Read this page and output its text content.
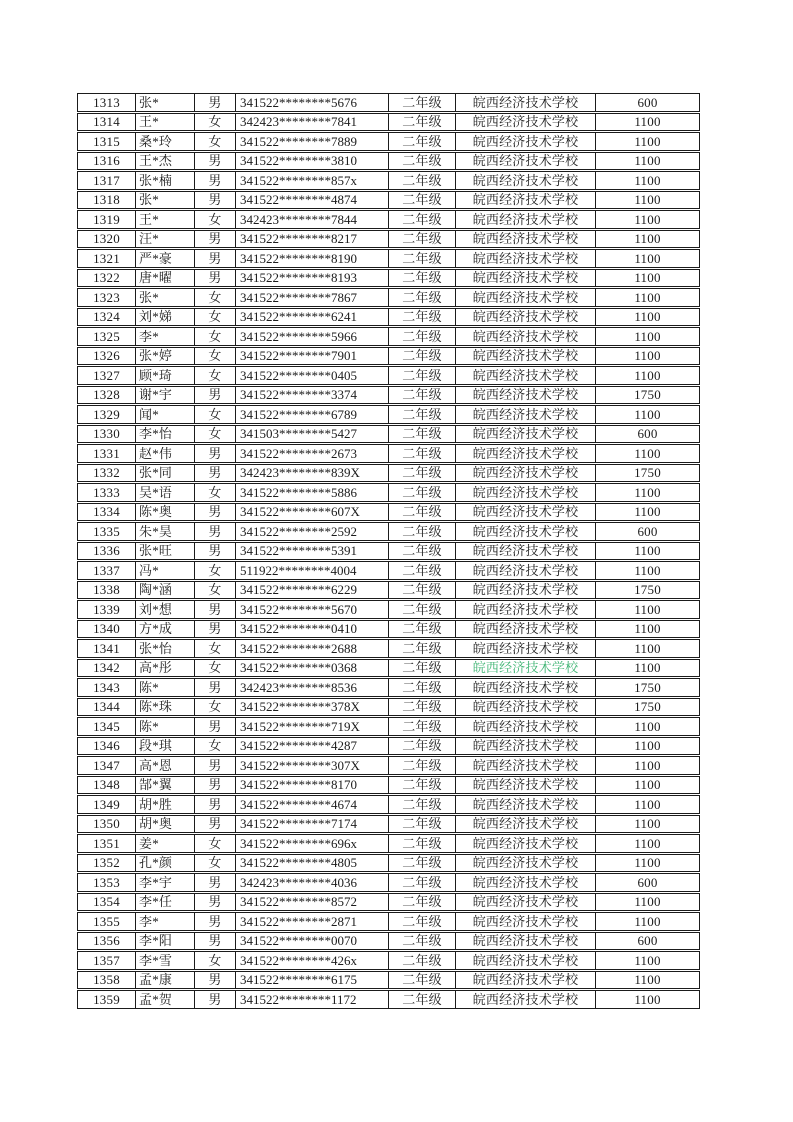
1313	张*	男	341522********5676	二年级	皖西经济技术学校	600
1314	王*	女	342423********7841	二年级	皖西经济技术学校	1100
1315	桑*玲	女	341522********7889	二年级	皖西经济技术学校	1100
1316	王*杰	男	341522********3810	二年级	皖西经济技术学校	1100
1317	张*楠	男	341522********857x	二年级	皖西经济技术学校	1100
1318	张*	男	341522********4874	二年级	皖西经济技术学校	1100
1319	王*	女	342423********7844	二年级	皖西经济技术学校	1100
1320	汪*	男	341522********8217	二年级	皖西经济技术学校	1100
1321	严*豪	男	341522********8190	二年级	皖西经济技术学校	1100
1322	唐*曜	男	341522********8193	二年级	皖西经济技术学校	1100
1323	张*	女	341522********7867	二年级	皖西经济技术学校	1100
1324	刘*娣	女	341522********6241	二年级	皖西经济技术学校	1100
1325	李*	女	341522********5966	二年级	皖西经济技术学校	1100
1326	张*婷	女	341522********7901	二年级	皖西经济技术学校	1100
1327	顾*琦	女	341522********0405	二年级	皖西经济技术学校	1100
1328	谢*宇	男	341522********3374	二年级	皖西经济技术学校	1750
1329	闻*	女	341522********6789	二年级	皖西经济技术学校	1100
1330	李*怡	女	341503********5427	二年级	皖西经济技术学校	600
1331	赵*伟	男	341522********2673	二年级	皖西经济技术学校	1100
1332	张*同	男	342423********839X	二年级	皖西经济技术学校	1750
1333	吴*语	女	341522********5886	二年级	皖西经济技术学校	1100
1334	陈*奥	男	341522********607X	二年级	皖西经济技术学校	1100
1335	朱*昊	男	341522********2592	二年级	皖西经济技术学校	600
1336	张*旺	男	341522********5391	二年级	皖西经济技术学校	1100
1337	冯*	女	511922********4004	二年级	皖西经济技术学校	1100
1338	陶*涵	女	341522********6229	二年级	皖西经济技术学校	1750
1339	刘*想	男	341522********5670	二年级	皖西经济技术学校	1100
1340	方*成	男	341522********0410	二年级	皖西经济技术学校	1100
1341	张*怡	女	341522********2688	二年级	皖西经济技术学校	1100
1342	高*彤	女	341522********0368	二年级	皖西经济技术学校	1100
1343	陈*	男	342423********8536	二年级	皖西经济技术学校	1750
1344	陈*珠	女	341522********378X	二年级	皖西经济技术学校	1750
1345	陈*	男	341522********719X	二年级	皖西经济技术学校	1100
1346	段*琪	女	341522********4287	二年级	皖西经济技术学校	1100
1347	高*恩	男	341522********307X	二年级	皖西经济技术学校	1100
1348	郜*翼	男	341522********8170	二年级	皖西经济技术学校	1100
1349	胡*胜	男	341522********4674	二年级	皖西经济技术学校	1100
1350	胡*奥	男	341522********7174	二年级	皖西经济技术学校	1100
1351	姜*	女	341522********696x	二年级	皖西经济技术学校	1100
1352	孔*颜	女	341522********4805	二年级	皖西经济技术学校	1100
1353	李*宇	男	342423********4036	二年级	皖西经济技术学校	600
1354	李*任	男	341522********8572	二年级	皖西经济技术学校	1100
1355	李*	男	341522********2871	二年级	皖西经济技术学校	1100
1356	李*阳	男	341522********0070	二年级	皖西经济技术学校	600
1357	李*雪	女	341522********426x	二年级	皖西经济技术学校	1100
1358	孟*康	男	341522********6175	二年级	皖西经济技术学校	1100
1359	孟*贺	男	341522********1172	二年级	皖西经济技术学校	1100
